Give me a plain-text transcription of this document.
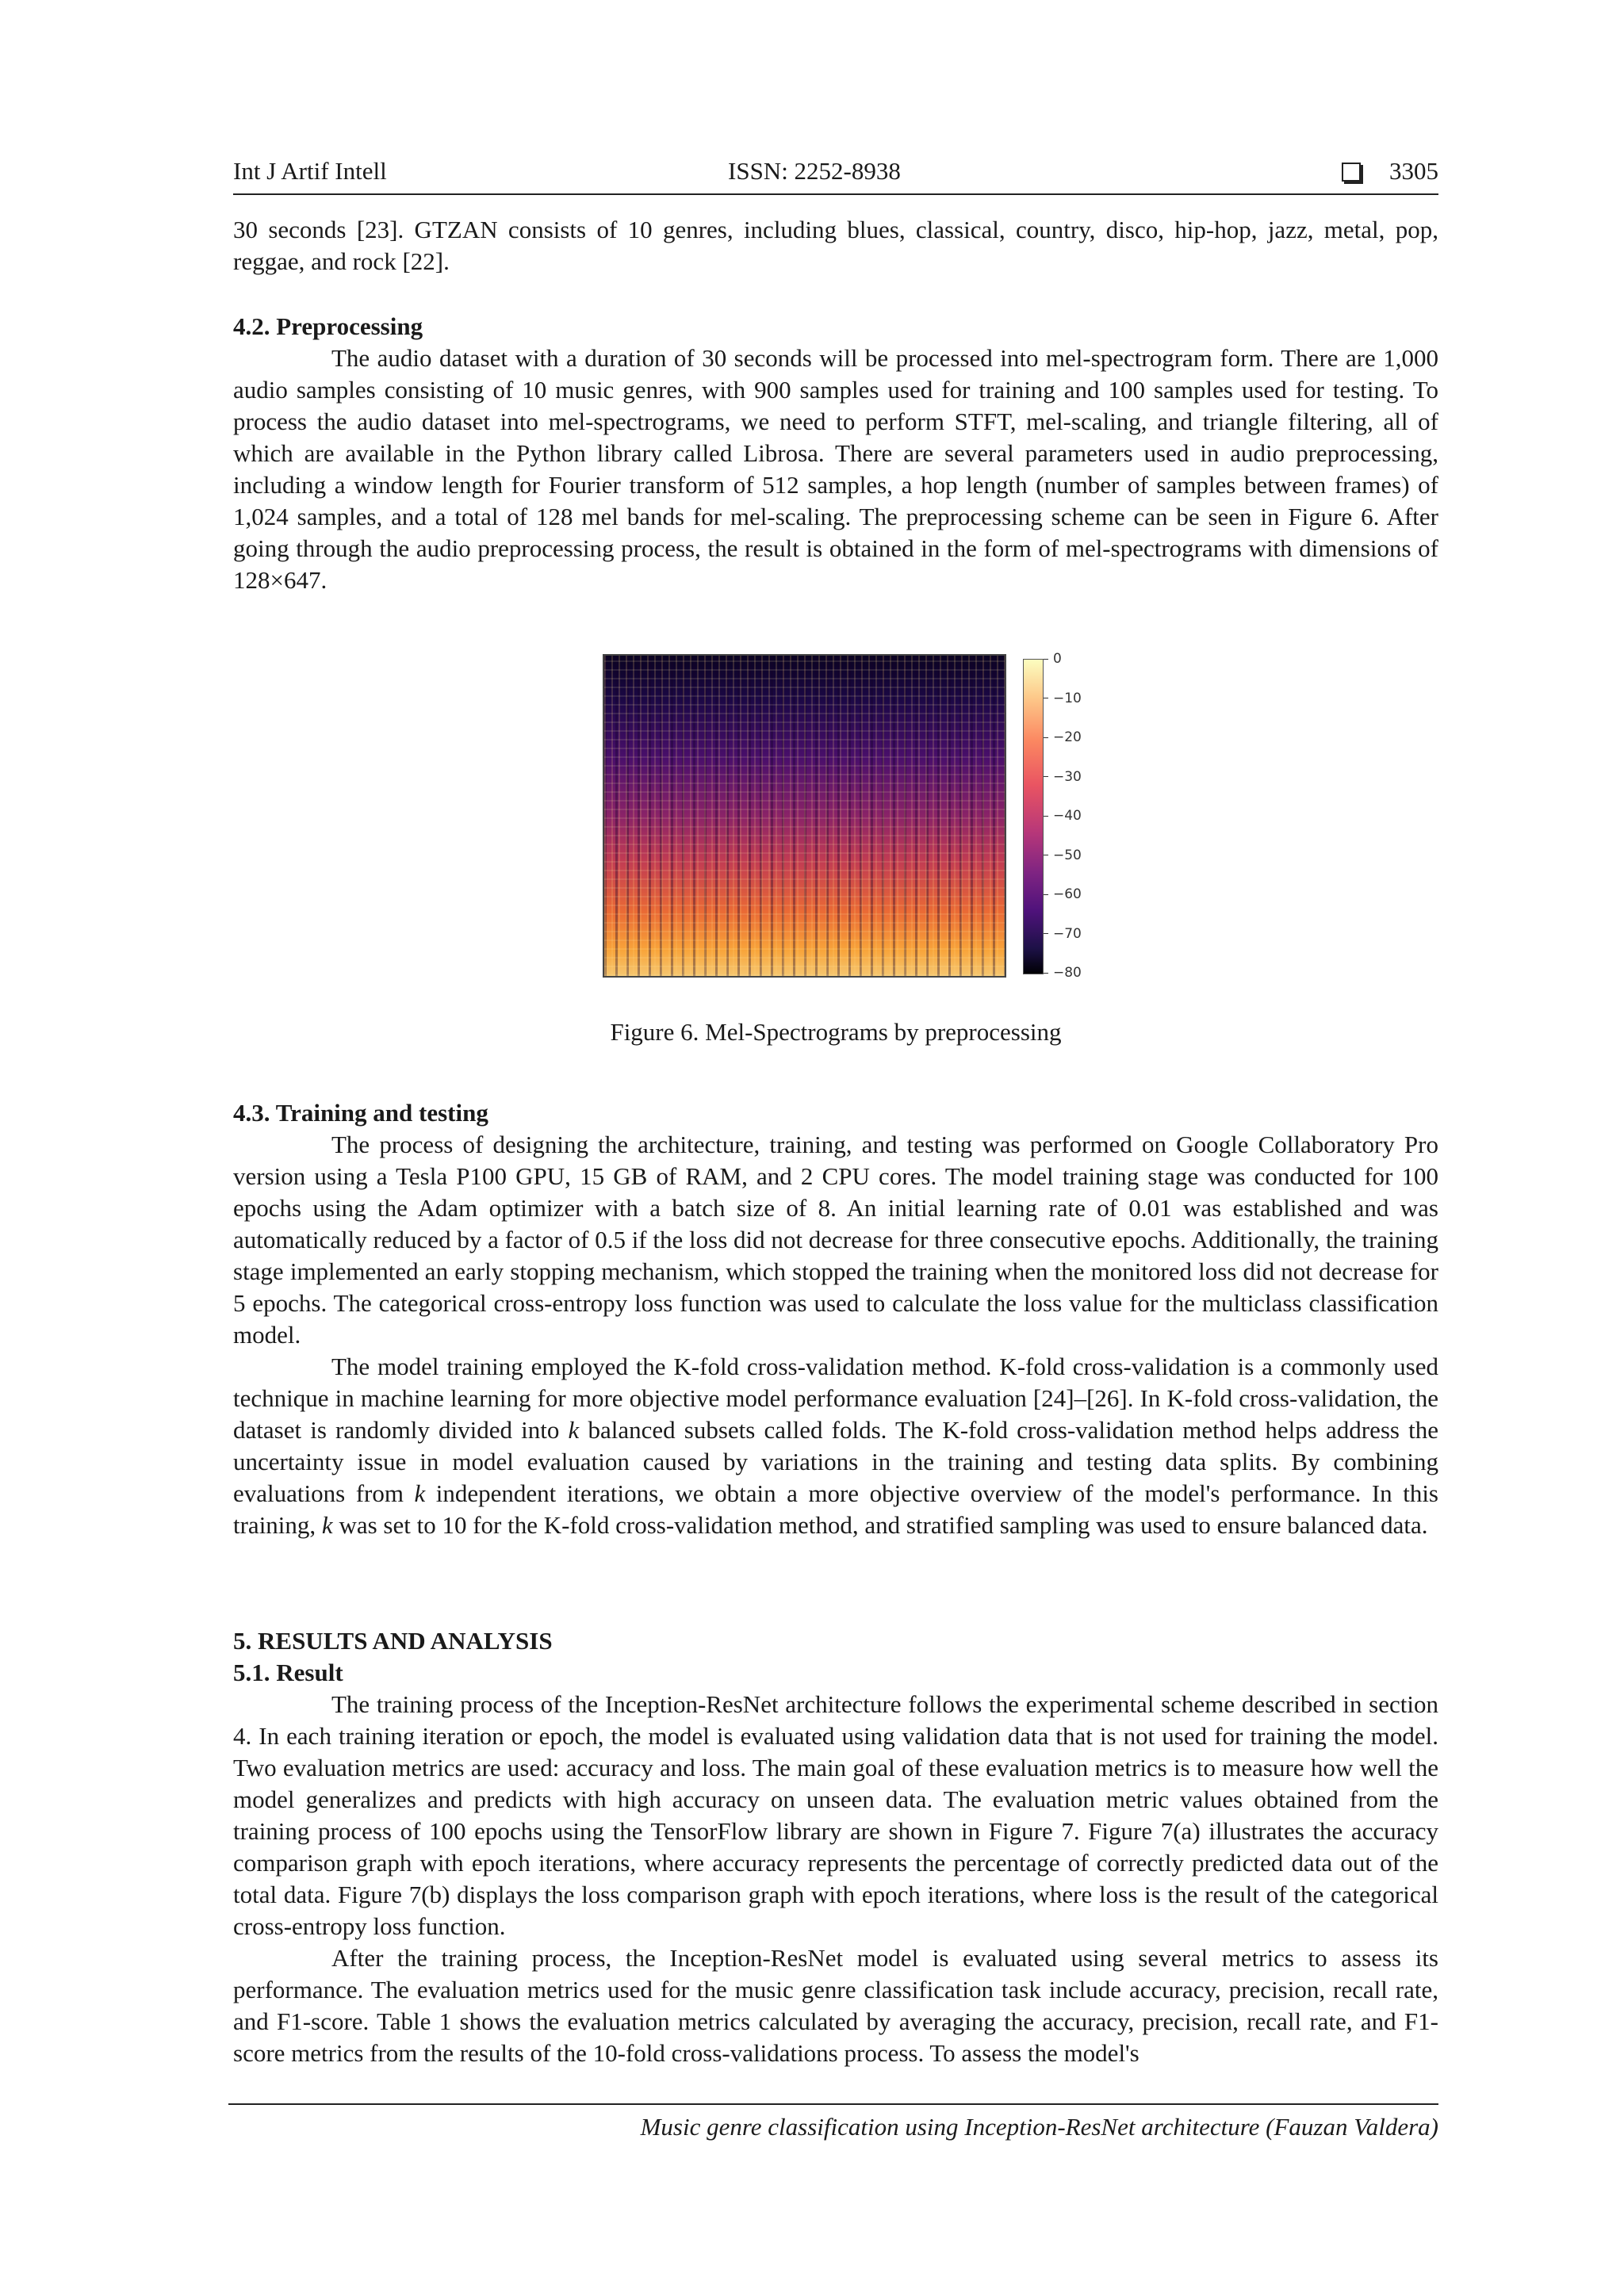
Int J Artif Intell	ISSN: 2252-8938	3305

30 seconds [23]. GTZAN consists of 10 genres, including blues, classical, country, disco, hip-hop, jazz, metal, pop, reggae, and rock [22].

4.2. Preprocessing

The audio dataset with a duration of 30 seconds will be processed into mel-spectrogram form. There are 1,000 audio samples consisting of 10 music genres, with 900 samples used for training and 100 samples used for testing. To process the audio dataset into mel-spectrograms, we need to perform STFT, mel-scaling, and triangle filtering, all of which are available in the Python library called Librosa. There are several parameters used in audio preprocessing, including a window length for Fourier transform of 512 samples, a hop length (number of samples between frames) of 1,024 samples, and a total of 128 mel bands for mel-scaling. The preprocessing scheme can be seen in Figure 6. After going through the audio preprocessing process, the result is obtained in the form of mel-spectrograms with dimensions of 128×647.

0
−10
−20
−30
−40
−50
−60
−70
−80
Figure 6. Mel-Spectrograms by preprocessing
4.3. Training and testing

The process of designing the architecture, training, and testing was performed on Google Collaboratory Pro version using a Tesla P100 GPU, 15 GB of RAM, and 2 CPU cores. The model training stage was conducted for 100 epochs using the Adam optimizer with a batch size of 8. An initial learning rate of 0.01 was established and was automatically reduced by a factor of 0.5 if the loss did not decrease for three consecutive epochs. Additionally, the training stage implemented an early stopping mechanism, which stopped the training when the monitored loss did not decrease for 5 epochs. The categorical cross-entropy loss function was used to calculate the loss value for the multiclass classification model.

The model training employed the K-fold cross-validation method. K-fold cross-validation is a commonly used technique in machine learning for more objective model performance evaluation [24]–[26]. In K-fold cross-validation, the dataset is randomly divided into k balanced subsets called folds. The K-fold cross-validation method helps address the uncertainty issue in model evaluation caused by variations in the training and testing data splits. By combining evaluations from k independent iterations, we obtain a more objective overview of the model's performance. In this training, k was set to 10 for the K-fold cross-validation method, and stratified sampling was used to ensure balanced data.

5. RESULTS AND ANALYSIS
5.1. Result

The training process of the Inception-ResNet architecture follows the experimental scheme described in section 4. In each training iteration or epoch, the model is evaluated using validation data that is not used for training the model. Two evaluation metrics are used: accuracy and loss. The main goal of these evaluation metrics is to measure how well the model generalizes and predicts with high accuracy on unseen data. The evaluation metric values obtained from the training process of 100 epochs using the TensorFlow library are shown in Figure 7. Figure 7(a) illustrates the accuracy comparison graph with epoch iterations, where accuracy represents the percentage of correctly predicted data out of the total data. Figure 7(b) displays the loss comparison graph with epoch iterations, where loss is the result of the categorical cross-entropy loss function.

After the training process, the Inception-ResNet model is evaluated using several metrics to assess its performance. The evaluation metrics used for the music genre classification task include accuracy, precision, recall rate, and F1-score. Table 1 shows the evaluation metrics calculated by averaging the accuracy, precision, recall rate, and F1-score metrics from the results of the 10-fold cross-validations process. To assess the model's

Music genre classification using Inception-ResNet architecture (Fauzan Valdera)
